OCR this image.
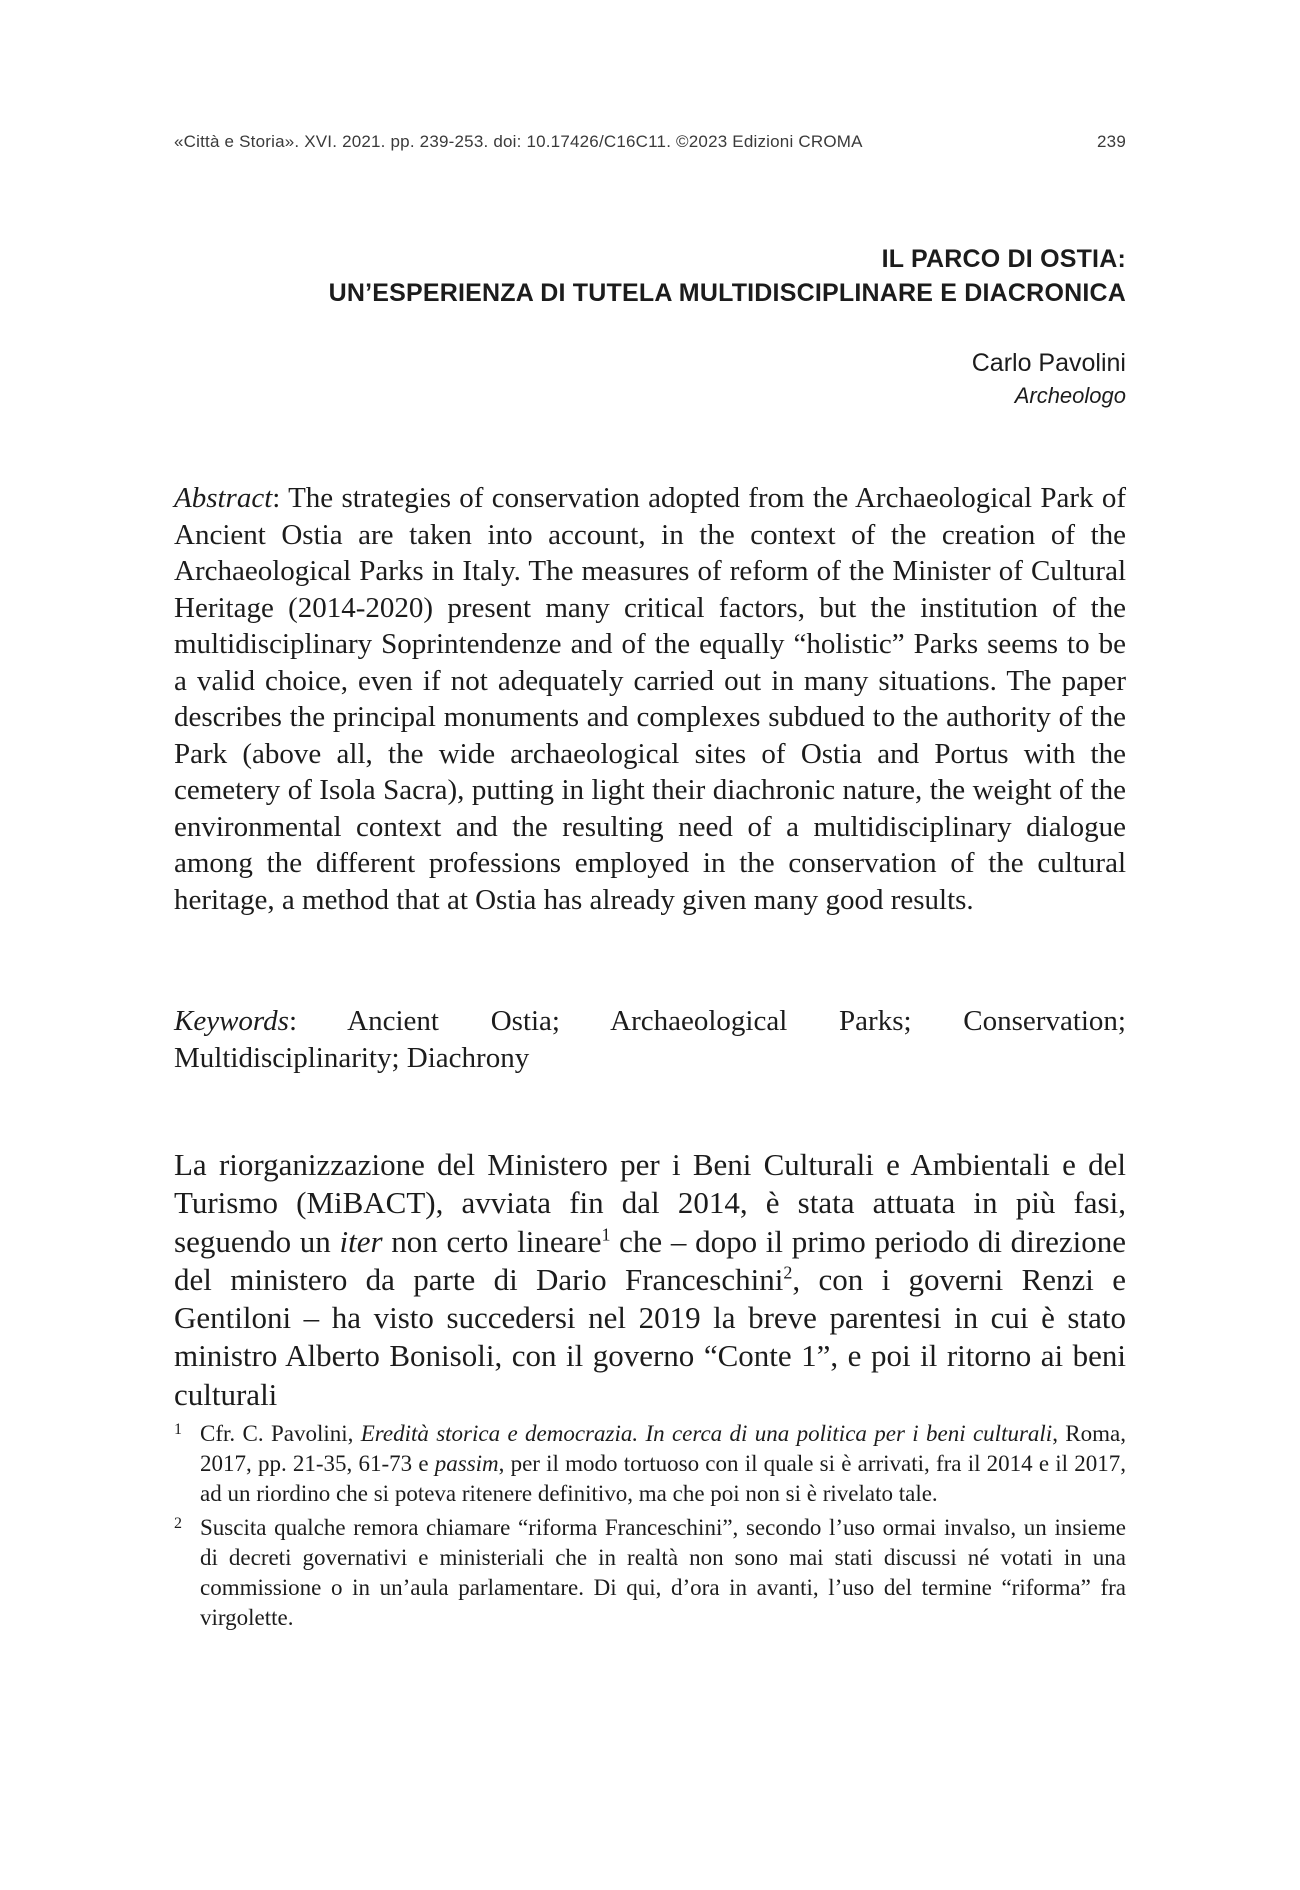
«Città e Storia». XVI. 2021. pp. 239-253. doi: 10.17426/C16C11. ©2023 Edizioni CROMA	239
IL PARCO DI OSTIA:
UN’ESPERIENZA DI TUTELA MULTIDISCIPLINARE E DIACRONICA
Carlo Pavolini
Archeologo
Abstract: The strategies of conservation adopted from the Archaeological Park of Ancient Ostia are taken into account, in the context of the creation of the Archaeological Parks in Italy. The measures of reform of the Minister of Cultural Heritage (2014-2020) present many critical factors, but the institution of the multidisciplinary Soprintendenze and of the equally “holistic” Parks seems to be a valid choice, even if not adequately carried out in many situations. The paper describes the principal monuments and complexes subdued to the authority of the Park (above all, the wide archaeological sites of Ostia and Portus with the cemetery of Isola Sacra), putting in light their diachronic nature, the weight of the environmental context and the resulting need of a multidisciplinary dialogue among the different professions employed in the conservation of the cultural heritage, a method that at Ostia has already given many good results.
Keywords: Ancient Ostia; Archaeological Parks; Conservation; Multidisciplinarity; Diachrony
La riorganizzazione del Ministero per i Beni Culturali e Ambientali e del Turismo (MiBACT), avviata fin dal 2014, è stata attuata in più fasi, seguendo un iter non certo lineare$^1$ che – dopo il primo periodo di direzione del ministero da parte di Dario Franceschini$^2$, con i governi Renzi e Gentiloni – ha visto succedersi nel 2019 la breve parentesi in cui è stato ministro Alberto Bonisoli, con il governo “Conte 1”, e poi il ritorno ai beni culturali
1 Cfr. C. Pavolini, Eredità storica e democrazia. In cerca di una politica per i beni culturali, Roma, 2017, pp. 21-35, 61-73 e passim, per il modo tortuoso con il quale si è arrivati, fra il 2014 e il 2017, ad un riordino che si poteva ritenere definitivo, ma che poi non si è rivelato tale.
2 Suscita qualche remora chiamare “riforma Franceschini”, secondo l’uso ormai invalso, un insieme di decreti governativi e ministeriali che in realtà non sono mai stati discussi né votati in una commissione o in un’aula parlamentare. Di qui, d’ora in avanti, l’uso del termine “riforma” fra virgolette.
